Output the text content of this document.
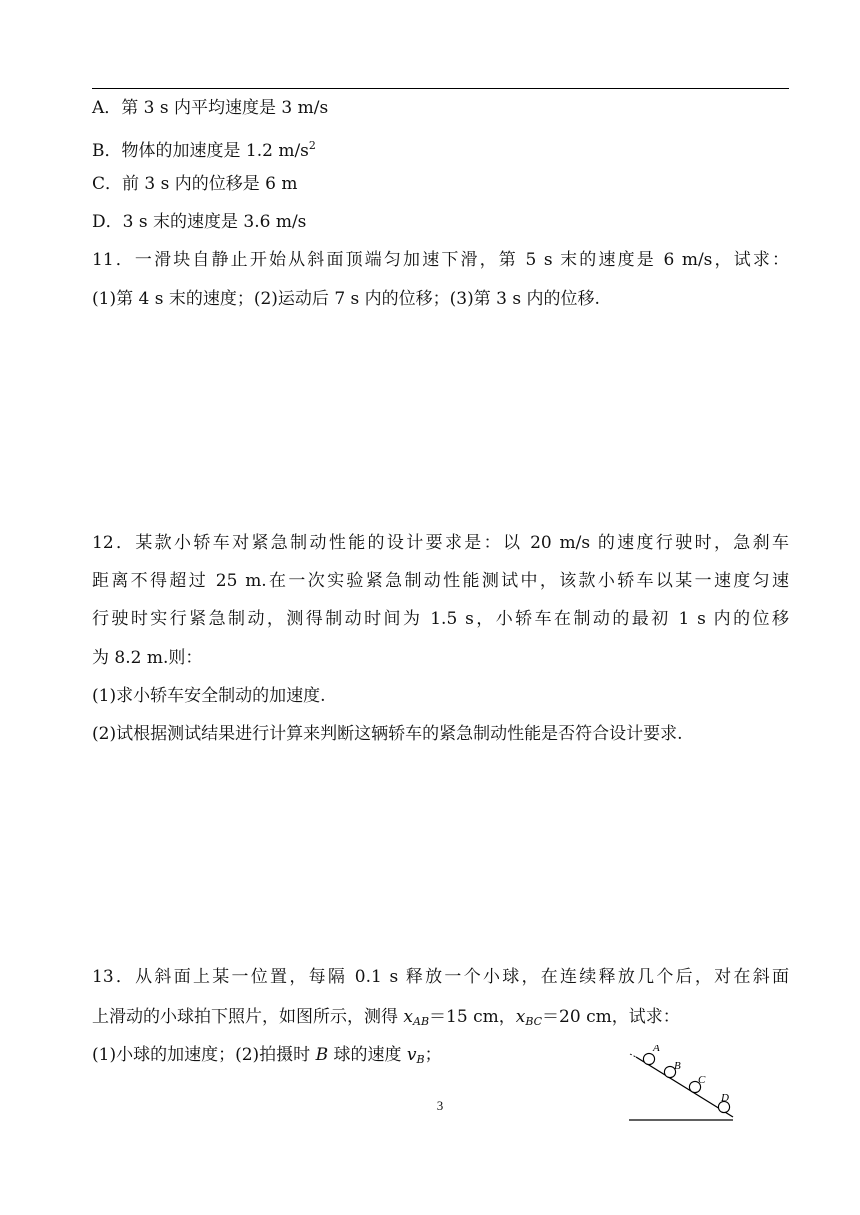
A．第 3 s 内平均速度是 3 m/s
B．物体的加速度是 1.2 $m/s^2$
C．前 3 s 内的位移是 6 m
D．3 s 末的速度是 3.6 m/s
11．一滑块自静止开始从斜面顶端匀加速下滑，第 5 s 末的速度是 6 m/s，试求：
(1)第 4 s 末的速度；(2)运动后 7 s 内的位移；(3)第 3 s 内的位移.
12．某款小轿车对紧急制动性能的设计要求是：以 20 m/s 的速度行驶时，急刹车
距离不得超过 25 m.在一次实验紧急制动性能测试中，该款小轿车以某一速度匀速
行驶时实行紧急制动，测得制动时间为 1.5 s，小轿车在制动的最初 1 s 内的位移
为 8.2 m.则：
(1)求小轿车安全制动的加速度.
(2)试根据测试结果进行计算来判断这辆轿车的紧急制动性能是否符合设计要求.
13．从斜面上某一位置，每隔 0.1 s 释放一个小球，在连续释放几个后，对在斜面
上滑动的小球拍下照片，如图所示，测得 $x_{AB}=15$ cm，$x_{BC}=20$ cm，试求：
(1)小球的加速度；(2)拍摄时 B 球的速度 $v_B$；	A
B
C
D
3
